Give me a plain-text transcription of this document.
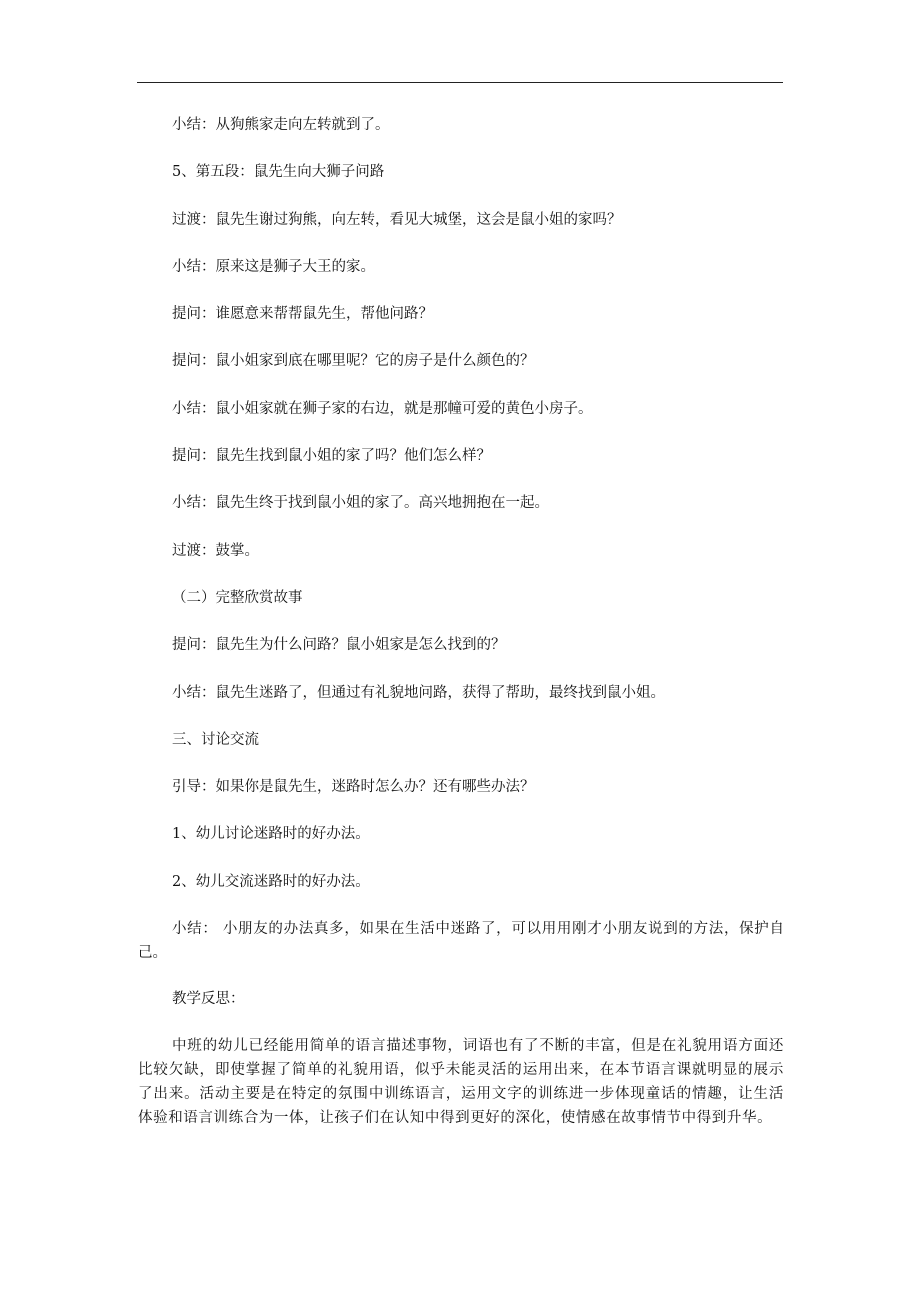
小结：从狗熊家走向左转就到了。
5、第五段：鼠先生向大狮子问路
过渡：鼠先生谢过狗熊，向左转，看见大城堡，这会是鼠小姐的家吗？
小结：原来这是狮子大王的家。
提问：谁愿意来帮帮鼠先生，帮他问路？
提问：鼠小姐家到底在哪里呢？它的房子是什么颜色的？
小结：鼠小姐家就在狮子家的右边，就是那幢可爱的黄色小房子。
提问：鼠先生找到鼠小姐的家了吗？他们怎么样？
小结：鼠先生终于找到鼠小姐的家了。高兴地拥抱在一起。
过渡：鼓掌。
（二）完整欣赏故事
提问：鼠先生为什么问路？鼠小姐家是怎么找到的？
小结：鼠先生迷路了，但通过有礼貌地问路，获得了帮助，最终找到鼠小姐。
三、讨论交流
引导：如果你是鼠先生，迷路时怎么办？还有哪些办法？
1、幼儿讨论迷路时的好办法。
2、幼儿交流迷路时的好办法。
小结： 小朋友的办法真多，如果在生活中迷路了，可以用用刚才小朋友说到的方法，保护自己。
教学反思：
中班的幼儿已经能用简单的语言描述事物，词语也有了不断的丰富，但是在礼貌用语方面还比较欠缺，即使掌握了简单的礼貌用语，似乎未能灵活的运用出来，在本节语言课就明显的展示了出来。活动主要是在特定的氛围中训练语言，运用文字的训练进一步体现童话的情趣，让生活体验和语言训练合为一体，让孩子们在认知中得到更好的深化，使情感在故事情节中得到升华。
